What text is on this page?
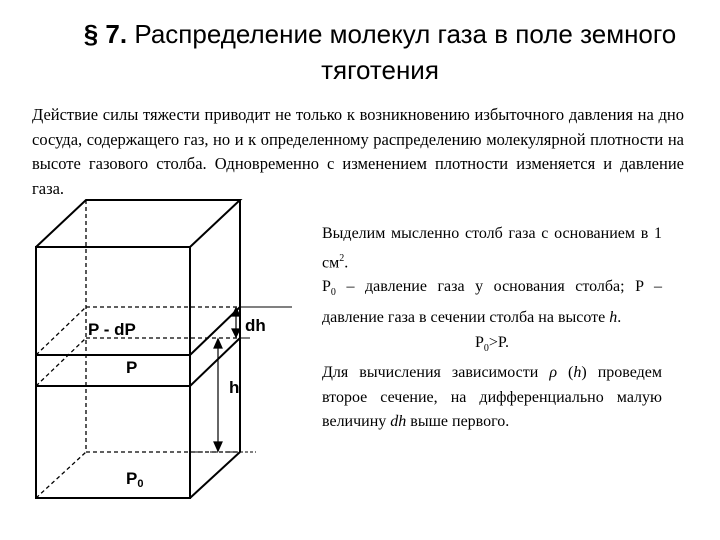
§ 7. Распределение молекул газа в поле земного тяготения
Действие силы тяжести приводит не только к возникновению избыточного давления на дно сосуда, содержащего газ, но и к определенному распределению молекулярной плотности на высоте газового столба. Одновременно с изменением плотности изменяется и давление газа.
P - dP
P
dh
h
P0

Выделим мысленно столб газа с основанием в 1 $см^2$.

$P_0$ – давление газа у основания столба; P – давление газа в сечении столба на высоте h.

$P_0>P$.

Для вычисления зависимости ρ (h) проведем второе сечение, на дифференциально малую величину dh выше первого.
